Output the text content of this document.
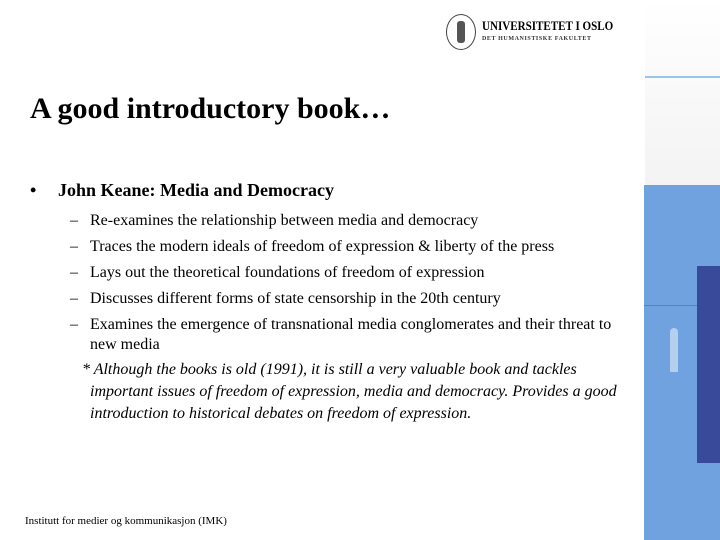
UNIVERSITETET I OSLO
DET HUMANISTISKE FAKULTET
A good introductory book…
• John Keane: Media and Democracy
– Re-examines the relationship between media and democracy
– Traces the modern ideals of freedom of expression & liberty of the press
– Lays out the theoretical foundations of freedom of expression
– Discusses different forms of state censorship in the 20th century
– Examines the emergence of transnational media conglomerates and their threat to new media
* Although the books is old (1991), it is still a very valuable book and tackles important issues of freedom of expression, media and democracy. Provides a good introduction to historical debates on freedom of expression.
Institutt for medier og kommunikasjon (IMK)
